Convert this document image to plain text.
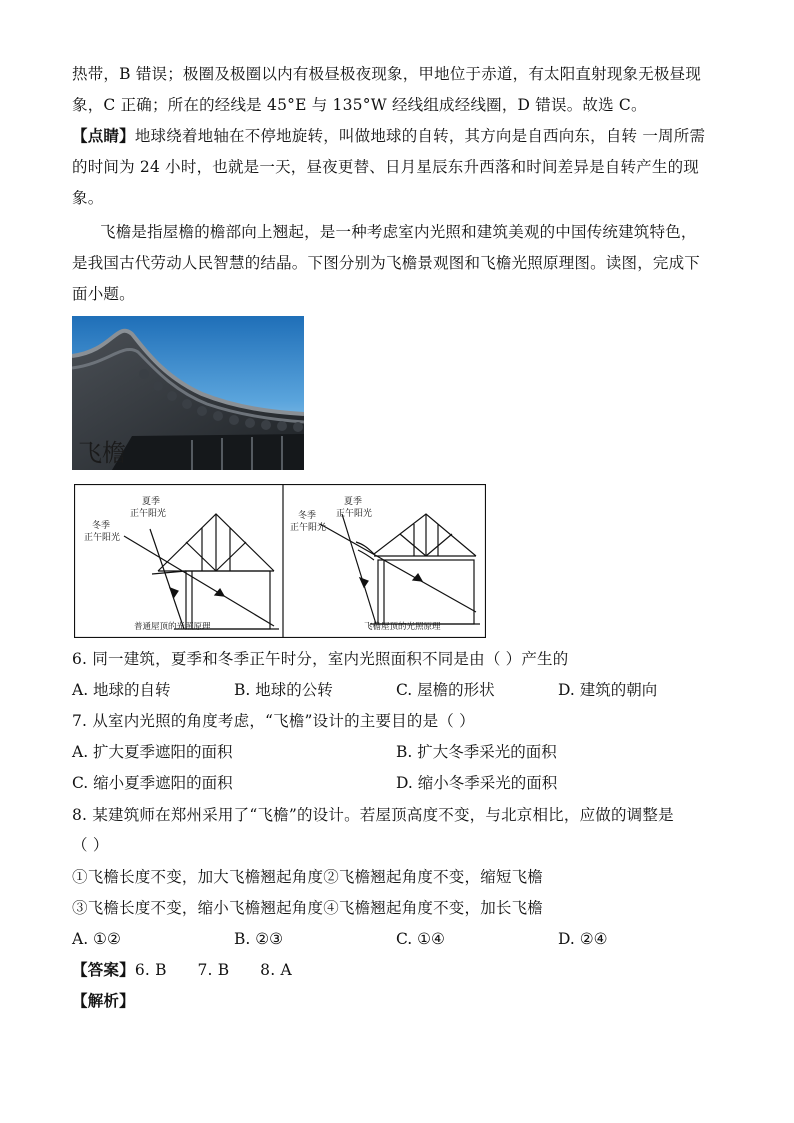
热带，B 错误；极圈及极圈以内有极昼极夜现象，甲地位于赤道，有太阳直射现象无极昼现
象，C 正确；所在的经线是 45°E 与 135°W 经线组成经线圈，D 错误。故选 C。
【点睛】地球绕着地轴在不停地旋转，叫做地球的自转，其方向是自西向东，自转 一周所需
的时间为 24 小时，也就是一天，昼夜更替、日月星辰东升西落和时间差异是自转产生的现
象。
飞檐是指屋檐的檐部向上翘起，是一种考虑室内光照和建筑美观的中国传统建筑特色，
是我国古代劳动人民智慧的结晶。下图分别为飞檐景观图和飞檐光照原理图。读图，完成下
面小题。
飞檐
夏季
正午阳光
冬季
正午阳光
普通屋顶的光照原理
夏季
正午阳光
冬季
正午阳光
飞檐屋顶的光照原理
6. 同一建筑，夏季和冬季正午时分，室内光照面积不同是由（ ）产生的
A. 地球的自转	B. 地球的公转	C. 屋檐的形状	D. 建筑的朝向
7. 从室内光照的角度考虑，“飞檐”设计的主要目的是（ ）
A. 扩大夏季遮阳的面积	B. 扩大冬季采光的面积
C. 缩小夏季遮阳的面积	D. 缩小冬季采光的面积
8. 某建筑师在郑州采用了“飞檐”的设计。若屋顶高度不变，与北京相比，应做的调整是
（ ）
①飞檐长度不变，加大飞檐翘起角度②飞檐翘起角度不变，缩短飞檐
③飞檐长度不变，缩小飞檐翘起角度④飞檐翘起角度不变，加长飞檐
A. ①②	B. ②③	C. ①④	D. ②④
【答案】6. B      7. B      8. A
【解析】
